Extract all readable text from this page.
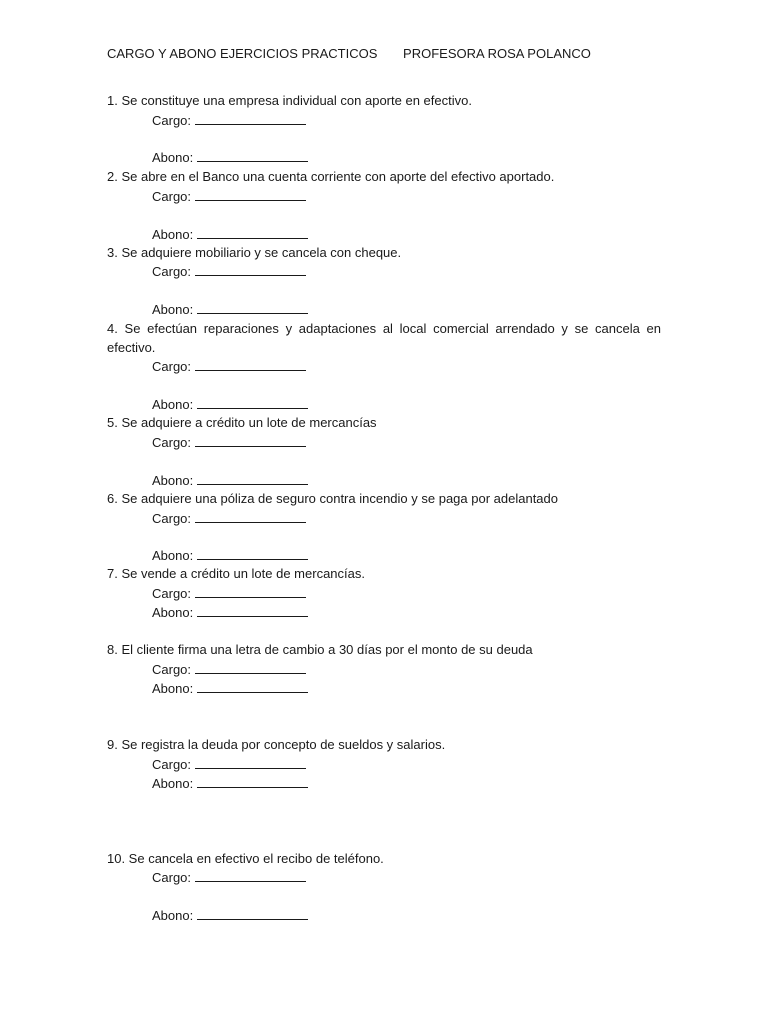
CARGO Y ABONO EJERCICIOS PRACTICOS PROFESORA ROSA POLANCO
1. Se constituye una empresa individual con aporte en efectivo.
Cargo:
Abono:
2. Se abre en el Banco una cuenta corriente con aporte del efectivo aportado.
Cargo:
Abono:
3. Se adquiere mobiliario y se cancela con cheque.
Cargo:
Abono:
4. Se efectúan reparaciones y adaptaciones al local comercial arrendado y se cancela en efectivo.
Cargo:
Abono:
5. Se adquiere a crédito un lote de mercancías
Cargo:
Abono:
6. Se adquiere una póliza de seguro contra incendio y se paga por adelantado
Cargo:
Abono:
7. Se vende a crédito un lote de mercancías.
Cargo:
Abono:
8. El cliente firma una letra de cambio a 30 días por el monto de su deuda
Cargo:
Abono:
9. Se registra la deuda por concepto de sueldos y salarios.
Cargo:
Abono:
10. Se cancela en efectivo el recibo de teléfono.
Cargo:
Abono:
